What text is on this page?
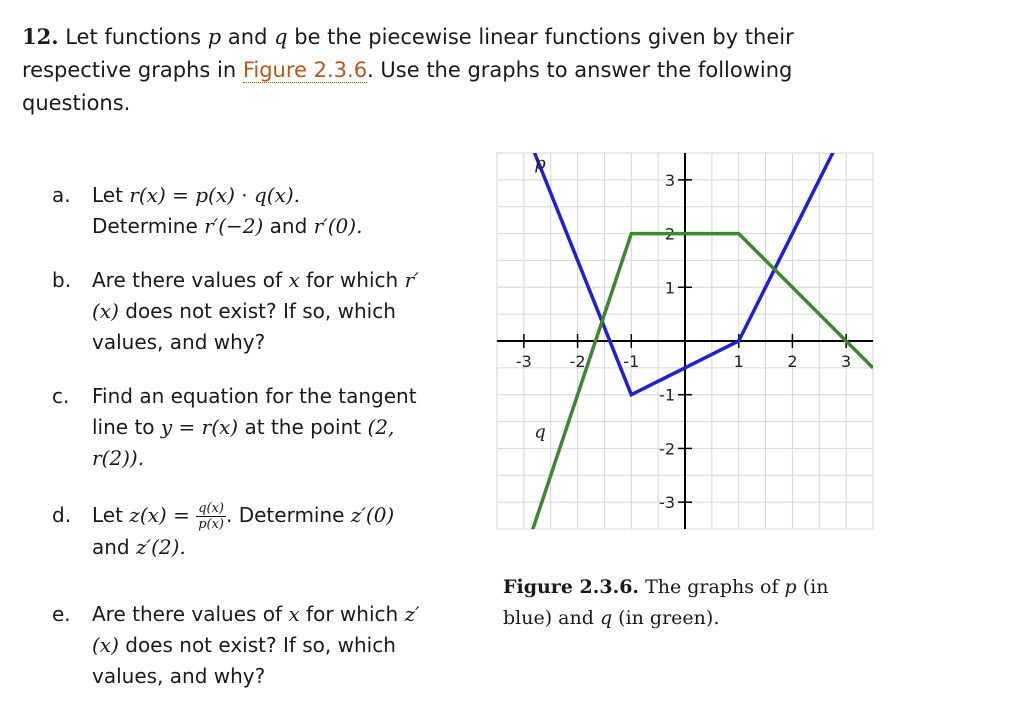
12. Let functions p and q be the piecewise linear functions given by their respective graphs in Figure 2.3.6. Use the graphs to answer the following questions.
a.	Let r(x) = p(x) · q(x).
Determine r′(−2) and r′(0).
b.	Are there values of x for which r′(x) does not exist? If so, which values, and why?
c.	Find an equation for the tangent line to y = r(x) at the point (2, r(2)).
d.	Let $z(x) = \frac{q(x)}{p(x)}$ . Determine z′(0) and z′(2).
e.	Are there values of x for which z′(x) does not exist? If so, which values, and why?
-3 -2 -1	1	2	3
3
2
1
-1
-2
-3
p
q
Figure 2.3.6. The graphs of p (in blue) and q (in green).
